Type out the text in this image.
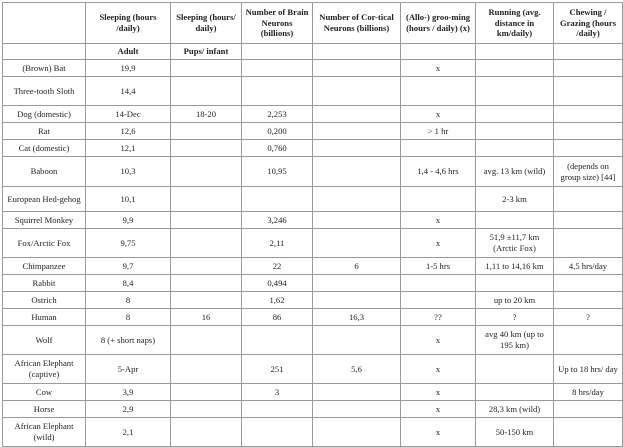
	Sleeping (hours /daily)	Sleeping (hours/ daily)	Number of Brain Neurons (billions)	Number of Cor-tical Neurons (billions)	(Allo-) groo-ming (hours / daily) (x)	Running (avg. distance in km/daily)	Chewing / Grazing (hours /daily)
	Adult	Pups/ infant					
(Brown) Bat	19,9				x		
Three-tooth Sloth	14,4						
Dog (domestic)	14-Dec	18-20	2,253		x		
Rat	12,6		0,200		> 1 hr		
Cat (domestic)	12,1		0,760				
Baboon	10,3		10,95		1,4 - 4,6 hrs	avg. 13 km (wild)	(depends on group size) [44]
European Hed-gehog	10,1					2-3 km	
Squirrel Monkey	9,9		3,246		x		
Fox/Arctic Fox	9,75		2,11		x	51,9 ±11,7 km (Arctic Fox)	
Chimpanzee	9,7		22	6	1-5 hrs	1,11 to 14,16 km	4,5 hrs/day
Rabbit	8,4		0,494				
Ostrich	8		1,62			up to 20 km	
Human	8	16	86	16,3	??	?	?
Wolf	8 (+ short naps)				x	avg 40 km (up to 195 km)	
African Elephant (captive)	5-Apr		251	5,6	x		Up to 18 hrs/ day
Cow	3,9		3		x		8 hrs/day
Horse	2,9				x	28,3 km (wild)	
African Elephant (wild)	2,1				x	50-150 km	
